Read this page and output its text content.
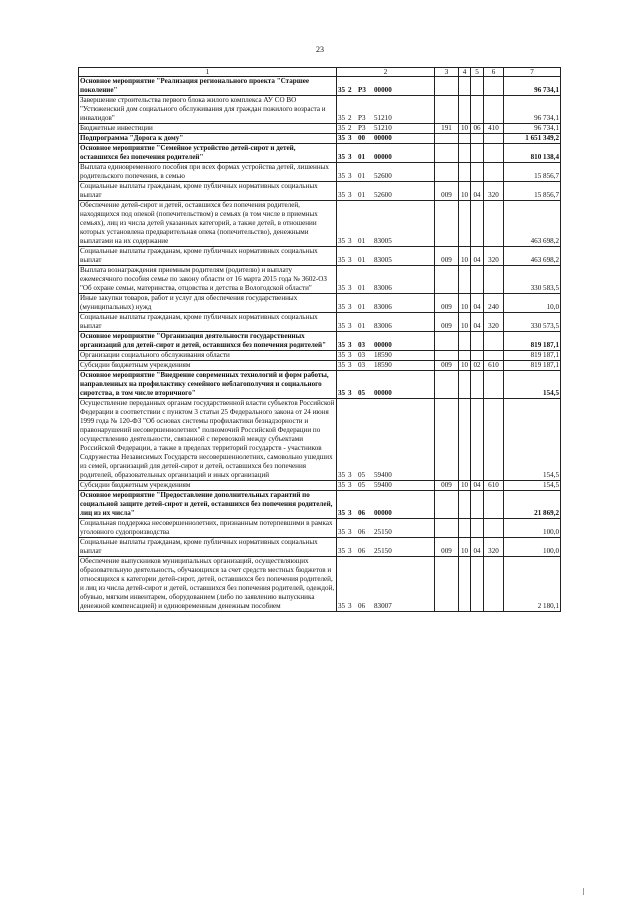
23
1	2	3	4	5	6	7
Основное мероприятие "Реализация регионального проекта "Старшее поколение"	35 2 P3 00000					96 734,1
Завершение строительства первого блока жилого комплекса АУ СО ВО "Устюженский дом социального обслуживания для граждан пожилого возраста и инвалидов"	35 2 P3 51210					96 734,1
Бюджетные инвестиции	35 2 P3 51210	191	10	06	410	96 734,1
Подпрограмма "Дорога к дому"	35 3 00 00000					1 651 349,2
Основное мероприятие "Семейное устройство детей-сирот и детей, оставшихся без попечения родителей"	35 3 01 00000					810 138,4
Выплата единовременного пособия при всех формах устройства детей, лишенных родительского попечения, в семью	35 3 01 52600					15 856,7
Социальные выплаты гражданам, кроме публичных нормативных социальных выплат	35 3 01 52600	009	10	04	320	15 856,7
Обеспечение детей-сирот и детей, оставшихся без попечения родителей, находящихся под опекой (попечительством) в семьях (в том числе в приемных семьях), лиц из числа детей указанных категорий, а также детей, в отношении которых установлена предварительная опека (попечительство), денежными выплатами на их содержание	35 3 01 83005					463 698,2
Социальные выплаты гражданам, кроме публичных нормативных социальных выплат	35 3 01 83005	009	10	04	320	463 698,2
Выплата вознаграждения приемным родителям (родителю) и выплату ежемесячного пособия семье по закону области от 16 марта 2015 года № 3602-ОЗ "Об охране семьи, материнства, отцовства и детства в Вологодской области"	35 3 01 83006					330 583,5
Иные закупки товаров, работ и услуг для обеспечения государственных (муниципальных) нужд	35 3 01 83006	009	10	04	240	10,0
Социальные выплаты гражданам, кроме публичных нормативных социальных выплат	35 3 01 83006	009	10	04	320	330 573,5
Основное мероприятие "Организация деятельности государственных организаций для детей-сирот и детей, оставшихся без попечения родителей"	35 3 03 00000					819 187,1
Организации социального обслуживания области	35 3 03 18590					819 187,1
Субсидии бюджетным учреждениям	35 3 03 18590	009	10	02	610	819 187,1
Основное мероприятие "Внедрение современных технологий и форм работы, направленных на профилактику семейного неблагополучия и социального сиротства, в том числе вторичного"	35 3 05 00000					154,5
Осуществление переданных органам государственной власти субъектов Российской Федерации в соответствии с пунктом 3 статьи 25 Федерального закона от 24 июня 1999 года № 120-ФЗ "Об основах системы профилактики безнадзорности и правонарушений несовершеннолетних" полномочий Российской Федерации по осуществлению деятельности, связанной с перевозкой между субъектами Российской Федерации, а также в пределах территорий государств - участников Содружества Независимых Государств несовершеннолетних, самовольно ушедших из семей, организаций для детей-сирот и детей, оставшихся без попечения родителей, образовательных организаций и иных организаций	35 3 05 59400					154,5
Субсидии бюджетным учреждениям	35 3 05 59400	009	10	04	610	154,5
Основное мероприятие "Предоставление дополнительных гарантий по социальной защите детей-сирот и детей, оставшихся без попечения родителей, лиц из их числа"	35 3 06 00000					21 869,2
Социальная поддержка несовершеннолетних, признанным потерпевшими в рамках уголовного судопроизводства	35 3 06 25150					100,0
Социальные выплаты гражданам, кроме публичных нормативных социальных выплат	35 3 06 25150	009	10	04	320	100,0
Обеспечение выпускников муниципальных организаций, осуществляющих образовательную деятельность, обучающихся за счет средств местных бюджетов и относящихся к категории детей-сирот, детей, оставшихся без попечения родителей, и лиц из числа детей-сирот и детей, оставшихся без попечения родителей, одеждой, обувью, мягким инвентарем, оборудованием (либо по заявлению выпускника денежной компенсацией) и единовременным денежным пособием	35 3 06 83007					2 180,1
